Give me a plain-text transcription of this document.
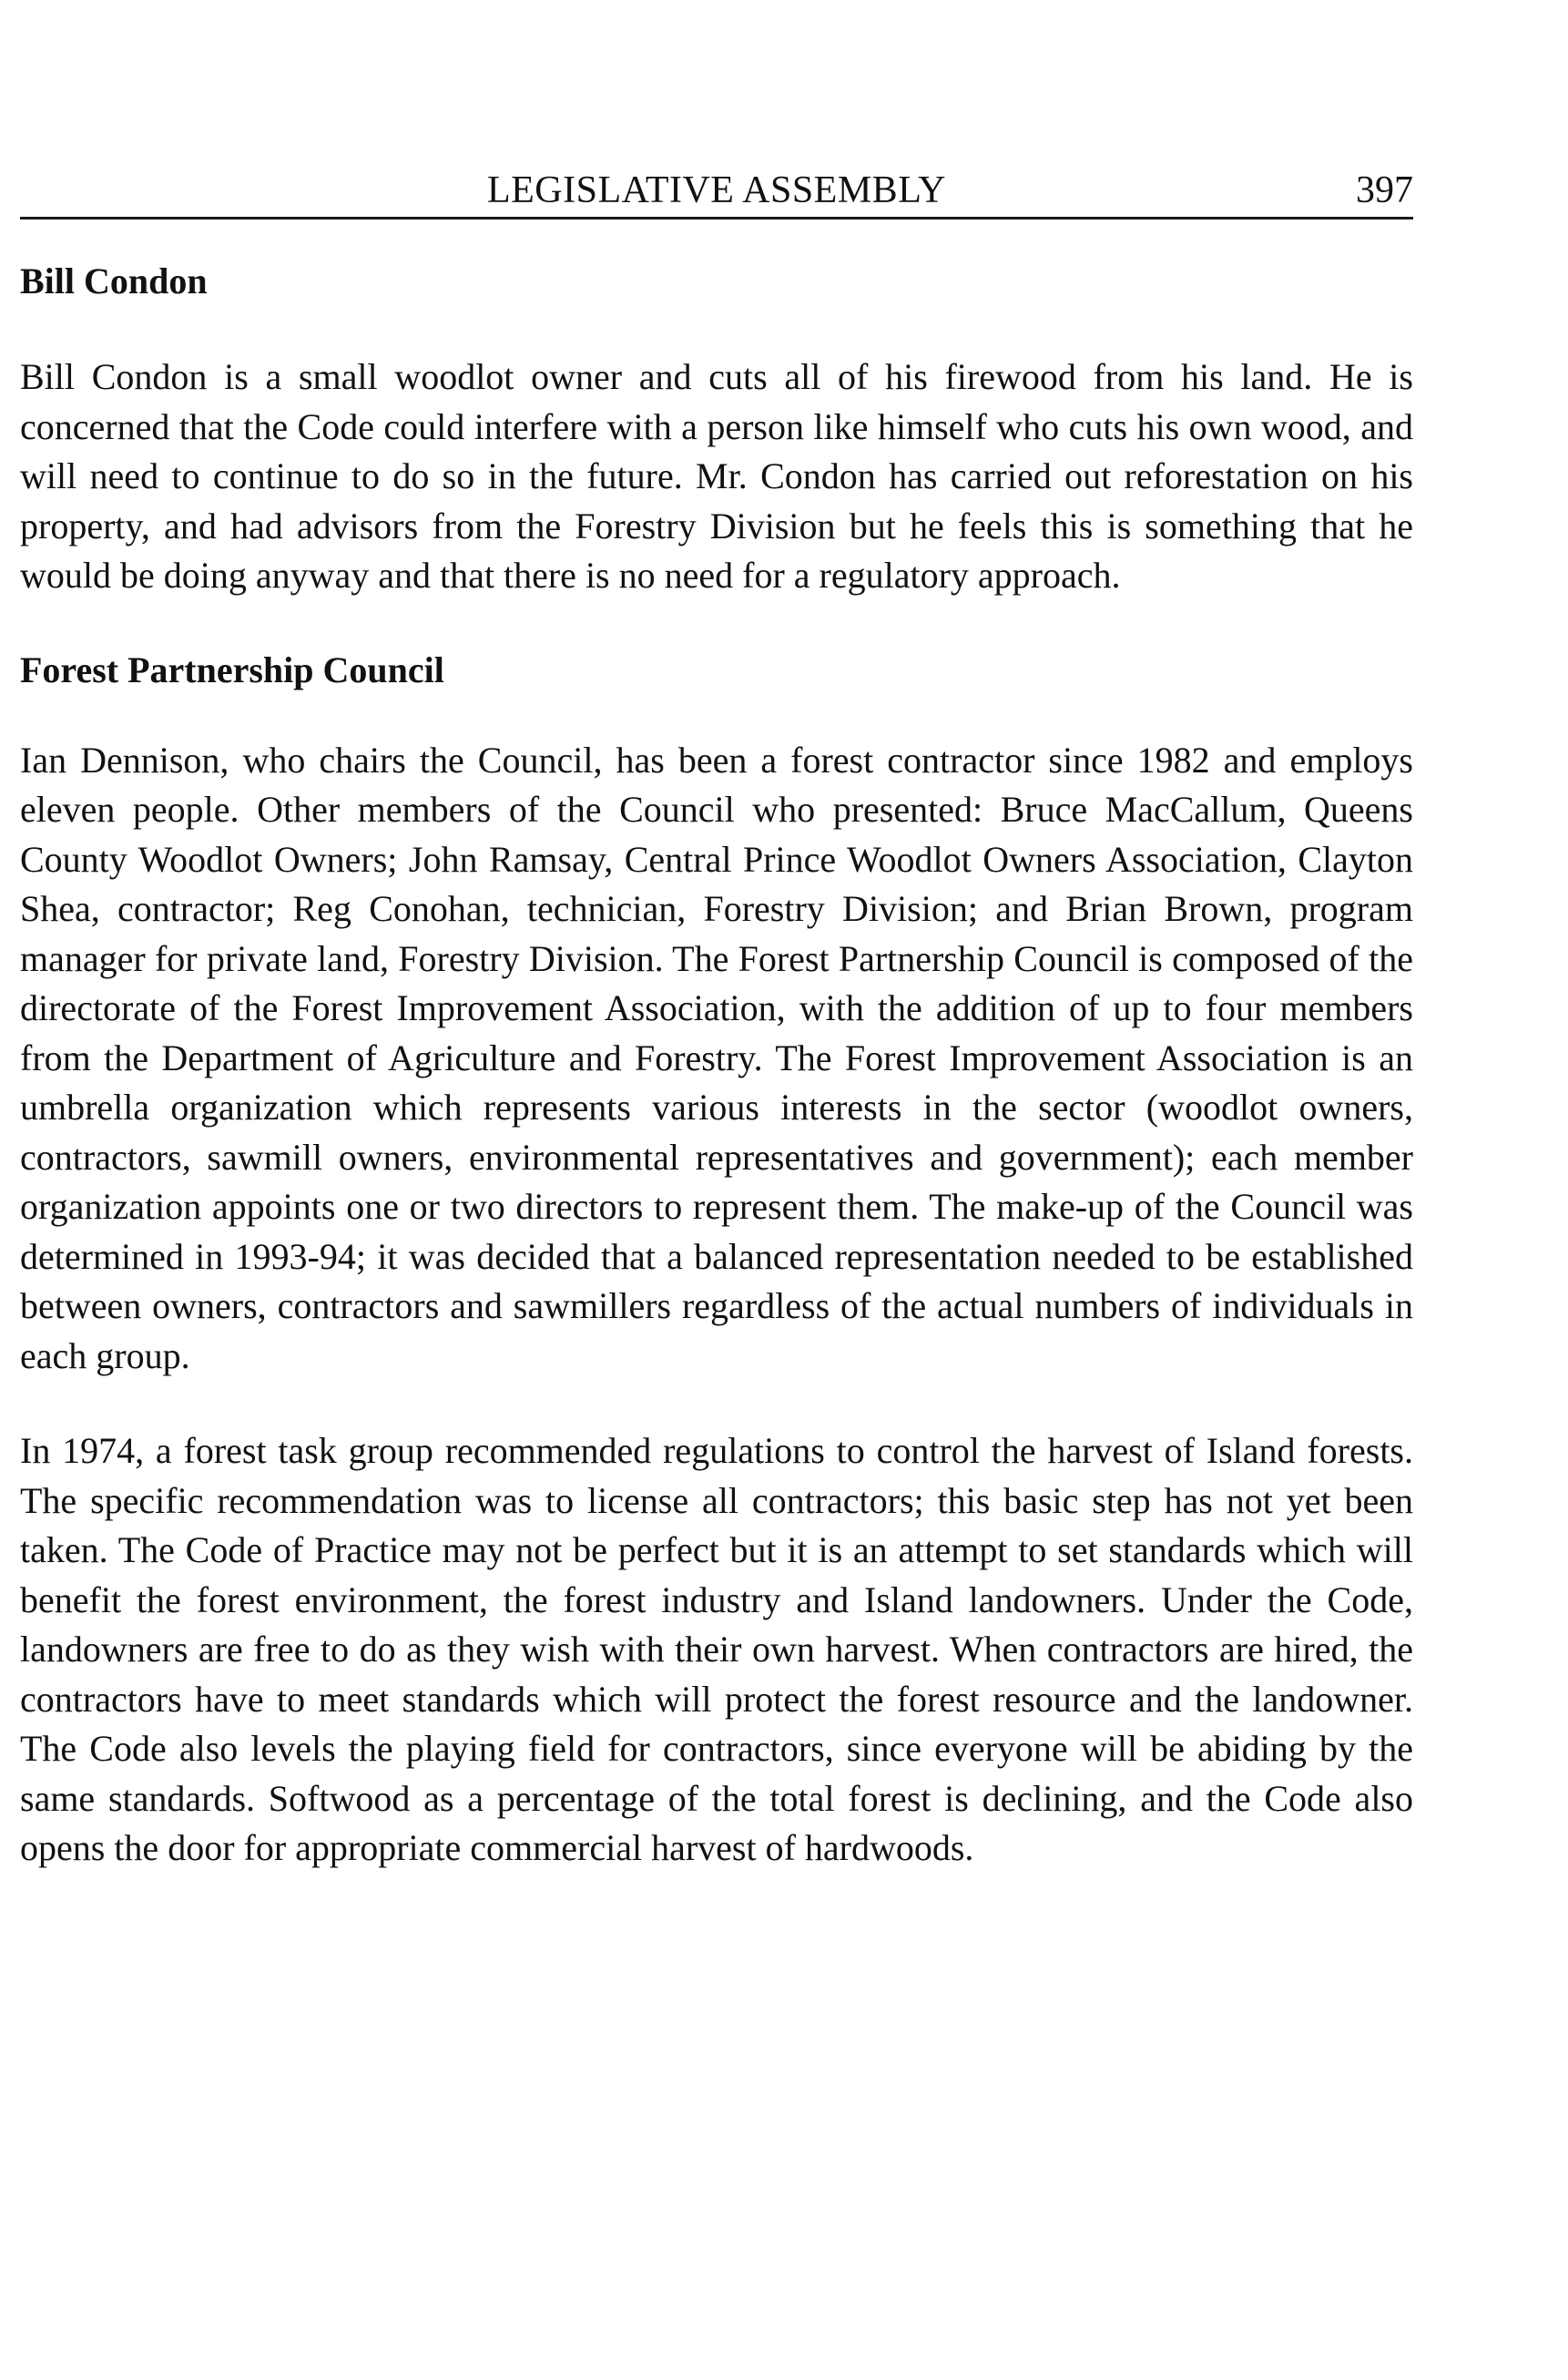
LEGISLATIVE ASSEMBLY	397
Bill Condon

Bill Condon is a small woodlot owner and cuts all of his firewood from his land. He is concerned that the Code could interfere with a person like himself who cuts his own wood, and will need to continue to do so in the future. Mr. Condon has carried out reforestation on his property, and had advisors from the Forestry Division but he feels this is something that he would be doing anyway and that there is no need for a regulatory approach.

Forest Partnership Council

Ian Dennison, who chairs the Council, has been a forest contractor since 1982 and employs eleven people. Other members of the Council who presented: Bruce MacCallum, Queens County Woodlot Owners; John Ramsay, Central Prince Woodlot Owners Association, Clayton Shea, contractor; Reg Conohan, technician, Forestry Division; and Brian Brown, program manager for private land, Forestry Division. The Forest Partnership Council is composed of the directorate of the Forest Improvement Association, with the addition of up to four members from the Department of Agriculture and Forestry. The Forest Improvement Association is an umbrella organization which represents various interests in the sector (woodlot owners, contractors, sawmill owners, environmental representatives and government); each member organization appoints one or two directors to represent them. The make-up of the Council was determined in 1993-94; it was decided that a balanced representation needed to be established between owners, contractors and sawmillers regardless of the actual numbers of individuals in each group.

In 1974, a forest task group recommended regulations to control the harvest of Island forests. The specific recommendation was to license all contractors; this basic step has not yet been taken. The Code of Practice may not be perfect but it is an attempt to set standards which will benefit the forest environment, the forest industry and Island landowners. Under the Code, landowners are free to do as they wish with their own harvest. When contractors are hired, the contractors have to meet standards which will protect the forest resource and the landowner. The Code also levels the playing field for contractors, since everyone will be abiding by the same standards. Softwood as a percentage of the total forest is declining, and the Code also opens the door for appropriate commercial harvest of hardwoods.
